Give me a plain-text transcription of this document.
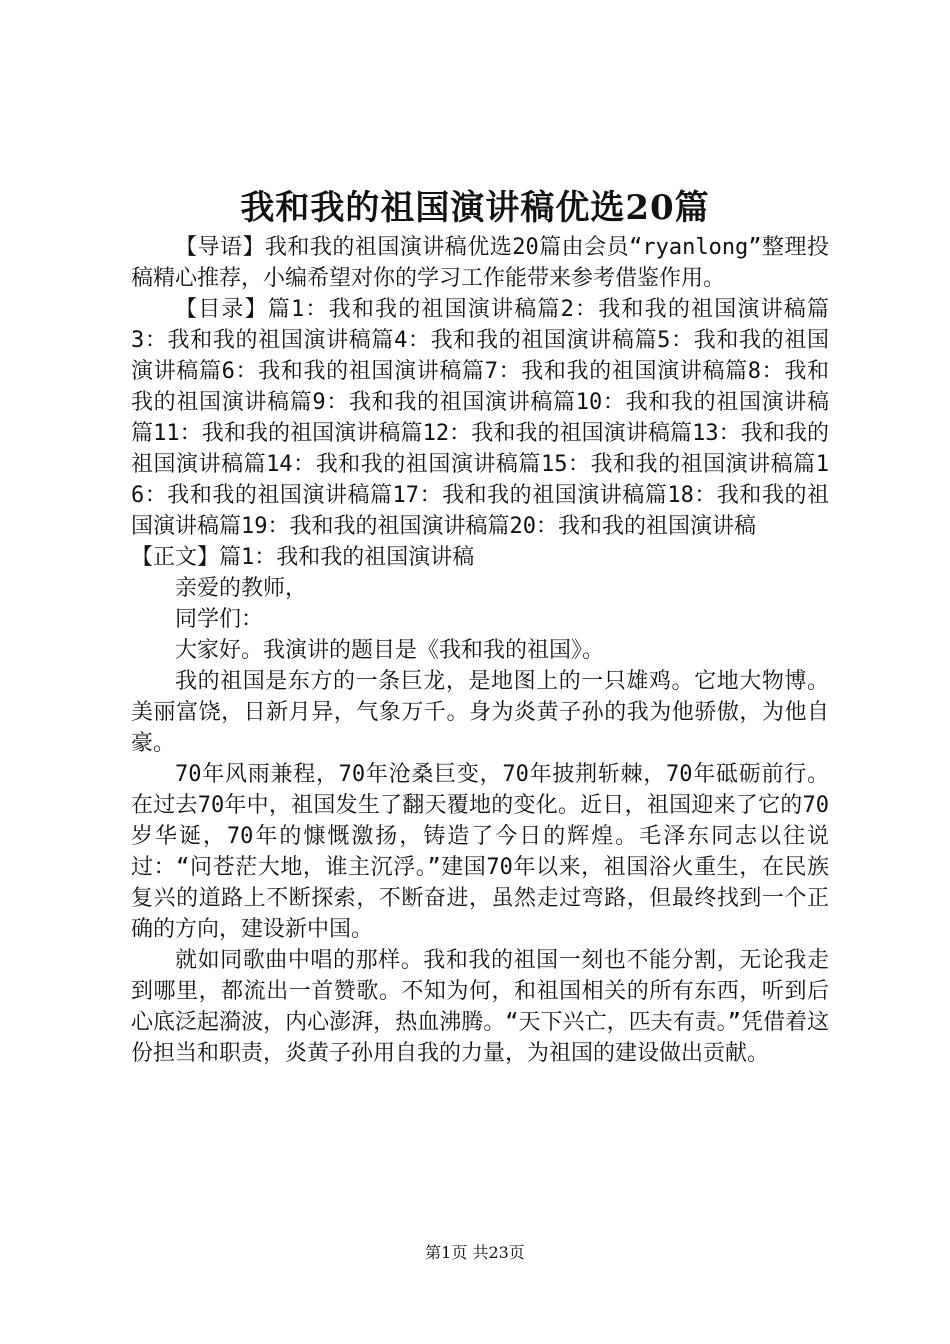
我和我的祖国演讲稿优选20篇

【导语】我和我的祖国演讲稿优选20篇由会员“ryanlong”整理投稿精心推荐，小编希望对你的学习工作能带来参考借鉴作用。

【目录】篇1：我和我的祖国演讲稿篇2：我和我的祖国演讲稿篇3：我和我的祖国演讲稿篇4：我和我的祖国演讲稿篇5：我和我的祖国演讲稿篇6：我和我的祖国演讲稿篇7：我和我的祖国演讲稿篇8：我和我的祖国演讲稿篇9：我和我的祖国演讲稿篇10：我和我的祖国演讲稿篇11：我和我的祖国演讲稿篇12：我和我的祖国演讲稿篇13：我和我的祖国演讲稿篇14：我和我的祖国演讲稿篇15：我和我的祖国演讲稿篇16：我和我的祖国演讲稿篇17：我和我的祖国演讲稿篇18：我和我的祖国演讲稿篇19：我和我的祖国演讲稿篇20：我和我的祖国演讲稿

【正文】篇1：我和我的祖国演讲稿

亲爱的教师，

同学们：

大家好。我演讲的题目是《我和我的祖国》。

我的祖国是东方的一条巨龙，是地图上的一只雄鸡。它地大物博。美丽富饶，日新月异，气象万千。身为炎黄子孙的我为他骄傲，为他自豪。

70年风雨兼程，70年沧桑巨变，70年披荆斩棘，70年砥砺前行。在过去70年中，祖国发生了翻天覆地的变化。近日，祖国迎来了它的70岁华诞，70年的慷慨激扬，铸造了今日的辉煌。毛泽东同志以往说过：“问苍茫大地，谁主沉浮。”建国70年以来，祖国浴火重生，在民族复兴的道路上不断探索，不断奋进，虽然走过弯路，但最终找到一个正确的方向，建设新中国。

就如同歌曲中唱的那样。我和我的祖国一刻也不能分割，无论我走到哪里，都流出一首赞歌。不知为何，和祖国相关的所有东西，听到后心底泛起漪波，内心澎湃，热血沸腾。“天下兴亡，匹夫有责。”凭借着这份担当和职责，炎黄子孙用自我的力量，为祖国的建设做出贡献。

第1页 共23页
